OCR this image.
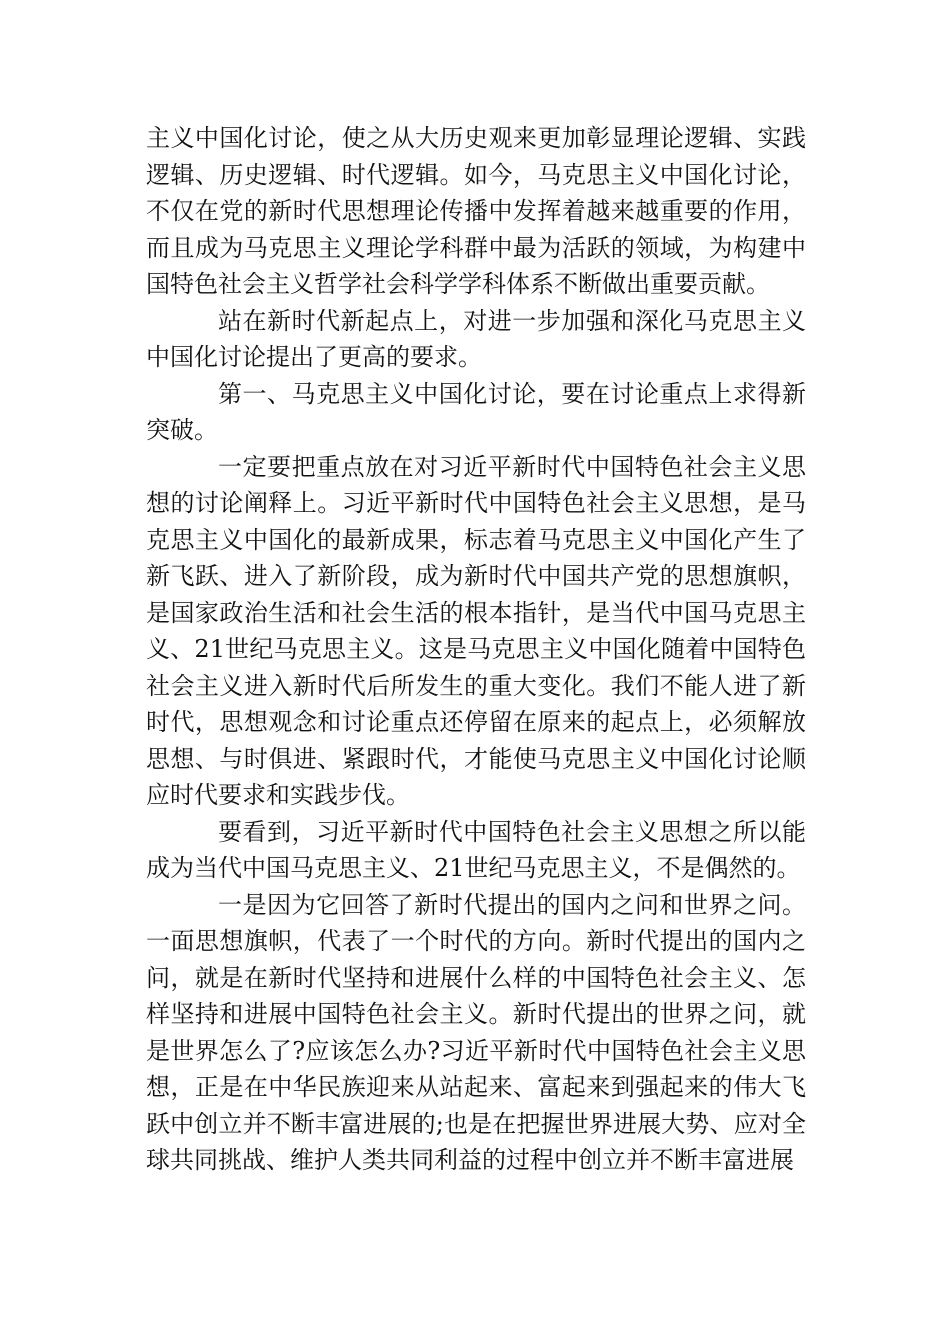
主义中国化讨论，使之从大历史观来更加彰显理论逻辑、实践逻辑、历史逻辑、时代逻辑。如今，马克思主义中国化讨论，不仅在党的新时代思想理论传播中发挥着越来越重要的作用，而且成为马克思主义理论学科群中最为活跃的领域，为构建中国特色社会主义哲学社会科学学科体系不断做出重要贡献。

站在新时代新起点上，对进一步加强和深化马克思主义中国化讨论提出了更高的要求。

第一、马克思主义中国化讨论，要在讨论重点上求得新突破。

一定要把重点放在对习近平新时代中国特色社会主义思想的讨论阐释上。习近平新时代中国特色社会主义思想，是马克思主义中国化的最新成果，标志着马克思主义中国化产生了新飞跃、进入了新阶段，成为新时代中国共产党的思想旗帜，是国家政治生活和社会生活的根本指针，是当代中国马克思主义、21世纪马克思主义。这是马克思主义中国化随着中国特色社会主义进入新时代后所发生的重大变化。我们不能人进了新时代，思想观念和讨论重点还停留在原来的起点上，必须解放思想、与时俱进、紧跟时代，才能使马克思主义中国化讨论顺应时代要求和实践步伐。

要看到，习近平新时代中国特色社会主义思想之所以能成为当代中国马克思主义、21世纪马克思主义，不是偶然的。

一是因为它回答了新时代提出的国内之问和世界之问。一面思想旗帜，代表了一个时代的方向。新时代提出的国内之问，就是在新时代坚持和进展什么样的中国特色社会主义、怎样坚持和进展中国特色社会主义。新时代提出的世界之问，就是世界怎么了?应该怎么办?习近平新时代中国特色社会主义思想，正是在中华民族迎来从站起来、富起来到强起来的伟大飞跃中创立并不断丰富进展的;也是在把握世界进展大势、应对全球共同挑战、维护人类共同利益的过程中创立并不断丰富进展
